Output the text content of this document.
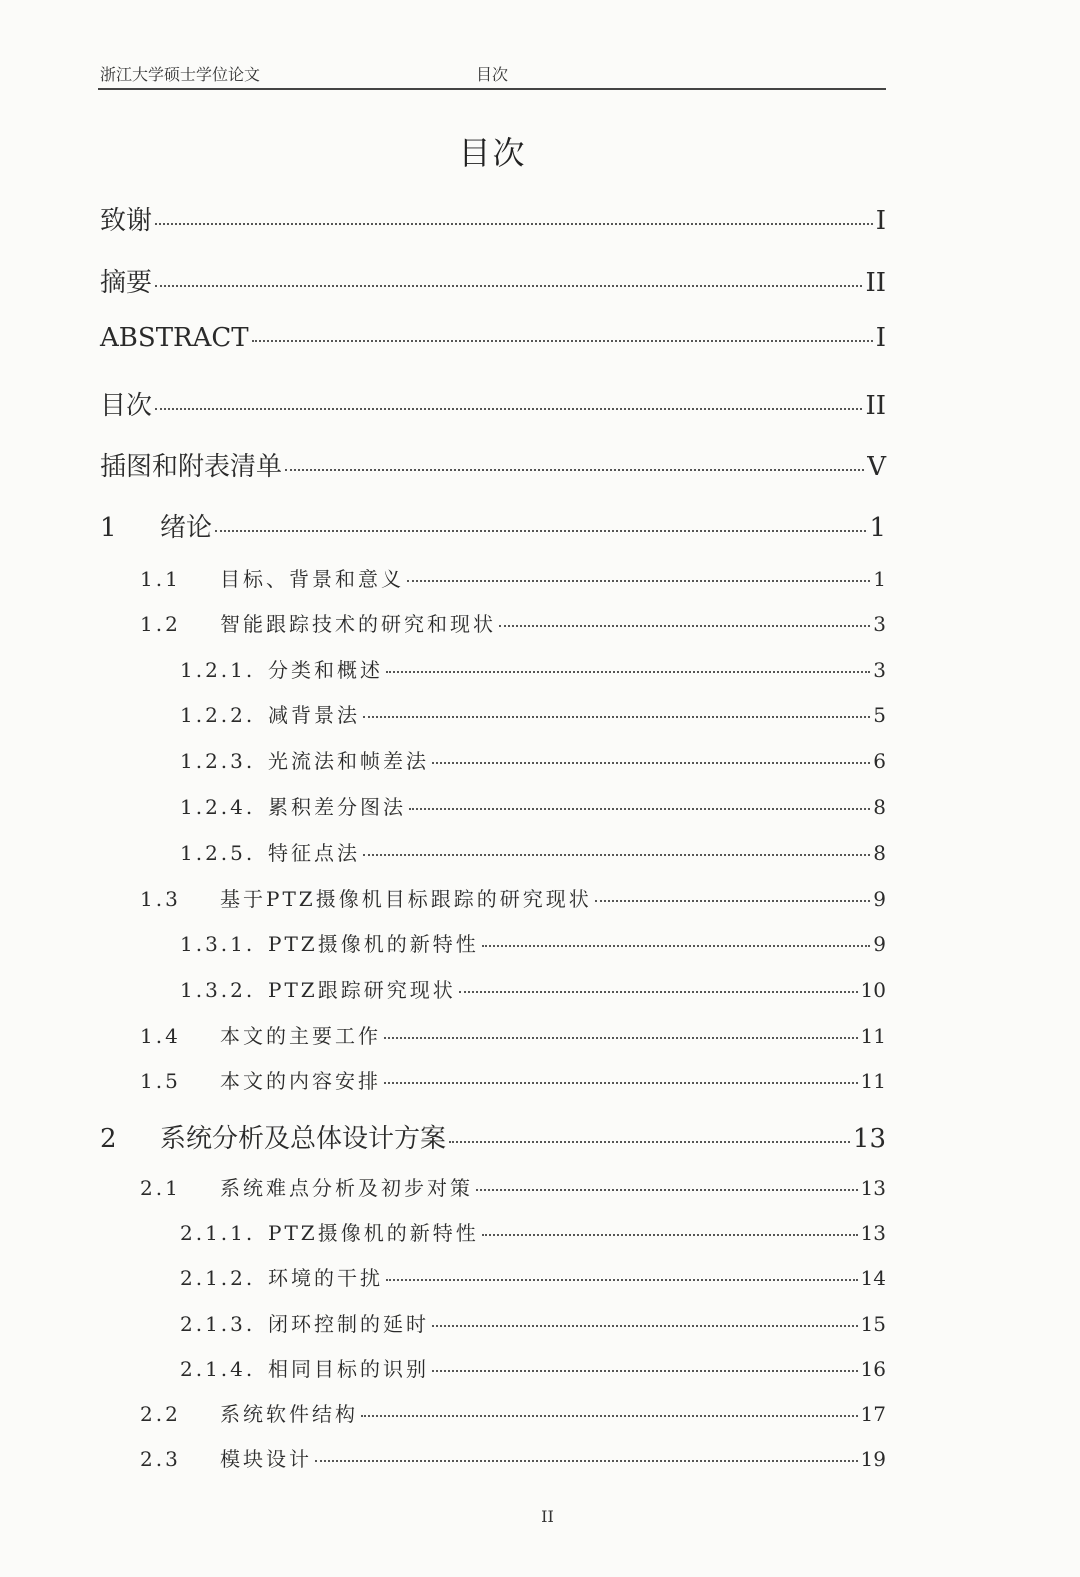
浙江大学硕士学位论文	目次
目次
致谢	I
摘要	II
ABSTRACT	I
目次	II
插图和附表清单	V
1	绪论	1
1.1	目标、背景和意义	1
1.2	智能跟踪技术的研究和现状	3
1.2.1. 分类和概述	3
1.2.2. 减背景法	5
1.2.3. 光流法和帧差法	6
1.2.4. 累积差分图法	8
1.2.5. 特征点法	8
1.3	基于PTZ摄像机目标跟踪的研究现状	9
1.3.1. PTZ摄像机的新特性	9
1.3.2. PTZ跟踪研究现状	10
1.4	本文的主要工作	11
1.5	本文的内容安排	11
2	系统分析及总体设计方案	13
2.1	系统难点分析及初步对策	13
2.1.1. PTZ摄像机的新特性	13
2.1.2. 环境的干扰	14
2.1.3. 闭环控制的延时	15
2.1.4. 相同目标的识别	16
2.2	系统软件结构	17
2.3	模块设计	19
II
